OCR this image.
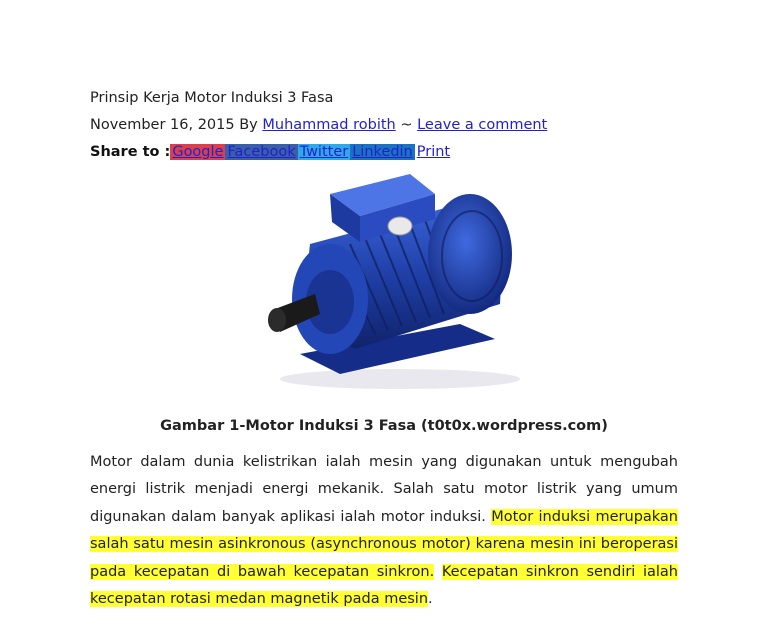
Prinsip Kerja Motor Induksi 3 Fasa
November 16, 2015 By Muhammad robith ~ Leave a comment
Share to : Google Facebook Twitter Linkedin Print
Gambar 1-Motor Induksi 3 Fasa (t0t0x.wordpress.com)

Motor dalam dunia kelistrikan ialah mesin yang digunakan untuk mengubah energi listrik menjadi energi mekanik. Salah satu motor listrik yang umum digunakan dalam banyak aplikasi ialah motor induksi. Motor induksi merupakan salah satu mesin asinkronous (asynchronous motor) karena mesin ini beroperasi pada kecepatan di bawah kecepatan sinkron. Kecepatan sinkron sendiri ialah kecepatan rotasi medan magnetik pada mesin.
